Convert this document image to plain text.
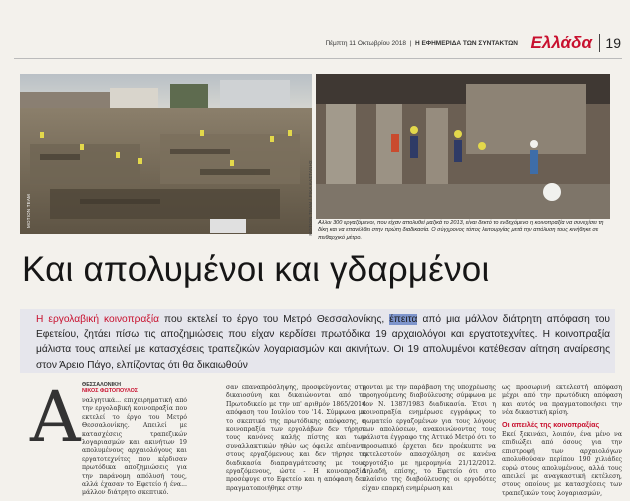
Πέμπτη 11 Οκτωβρίου 2018  |  Η ΕΦΗΜΕΡΙΔΑ ΤΩΝ ΣΥΝΤΑΚΤΩΝ Ελλάδα 19
ΜΟΤΙΟΝ TEAM	ΜΟΤΙΟΝ TEAM / ΡΙΚΑ ΚΑΣΤΑΝΗΣ Αλλοι 300 εργαζόμενοι, που είχαν απολυθεί μαζικά το 2013, είναι δεκτό το ενδεχόμενο η κοινοπραξία να συνεχίσει τη δίκη και να επανέλθει στην πρώτη διαδικασία. Ο σύγχρονος τόπος λειτουργίας μετά την απόλυση τους κινήθηκε σε πειθαρχικό μέτρο.
Και απολυμένοι και γδαρμένοι
Η εργολαβική κοινοπραξία που εκτελεί το έργο του Μετρό Θεσσαλονίκης, έπειτα από μια μάλλον διάτρητη απόφαση του Εφετείου, ζητάει πίσω τις αποζημιώσεις που είχαν κερδίσει πρωτόδικα 19 αρχαιολόγοι και εργατοτεχνίτες. Η κοινοπραξία μάλιστα τους απειλεί με κατασχέσεις τραπεζικών λογαριασμών και ακινήτων. Οι 19 απολυμένοι κατέθεσαν αίτηση αναίρεσης στον Άρειο Πάγο, ελπίζοντας ότι θα δικαιωθούν
Α ΘΕΣΣΑΛΟΝΙΚΗ
ΝΙΚΟΣ ΦΩΤΟΠΟΥΛΟΣ
ναλγητικά... επιχειρηματική από την εργολαβική κοινοπραξία που εκτελεί το έργο του Μετρό Θεσσαλονίκης. Απειλεί με κατασχέσεις τραπεζικών λογαριασμών και ακινήτων 19 απολυμένους αρχαιολόγους και εργατοτεχνίτες που κέρδισαν πρωτόδικα αποζημιώσεις για την παράνομη απόλυσή τους, αλλά έχασαν το Εφετείο ή ένα... μάλλον διάτρητο σκεπτικό.
σαν επαναπρόσληψης, προσφεύγοντας στη δικαιοσύνη και δικαιώνονται από το Πρωτοδικείο με την υπ' αριθμόν 1865/2014 απόφαση του Ιουλίου του '14. Σύμφωνα με το σκεπτικό της πρωτόδικης απόφασης, η κοινοπραξία των εργολάβων δεν τήρησε τους κανόνες καλής πίστης και των συναλλακτικών ηθών ως όφειλε απέναντι στους εργαζόμενους και δεν τήρησε τη διαδικασία διαπραγμάτευσης με τους εργαζόμενους, ώστε - Η κοινοπραξία προσέφυγε στο Εφετείο και η απόφαση δεν πραγματοποιήθηκε στην
γονται με την παράβαση της υποχρέωσης προηγούμενης διαβούλευσης σύμφωνα με τον Ν. 1387/1983 διαδικασία. Έτσι η κοινοπραξία ενημέρωσε εγγράφως το σωματείο εργαζομένων για τους λόγους των απολύσεων, ανακοινώνοντας τους μάλιστα έγγραφο της Αττικό Μετρό ότι το προσωπικό έρχεται δεν προέκυπτε να εκτελεστούν απασχόληση σε κανένα εργοτάξιο με ημερομηνία 21/12/2012. Δηλαδή, επίσης, το Εφετείο ότι στο πλαίσιο της διαβούλευσης οι εργοδότες είχαν επαρκή ενημέρωση και
ως προσωρινή εκτελεστή απόφαση μέχρι από την πρωτόδικη απόφαση και αυτός να πραγματοποιήσει την νέα δικαστική κρίση.
Οι απειλές της κοινοπραξίας
Εκεί ξεκινάει, λοιπόν, ένα μένο να επιδιώξει από όσους για την επιστροφή των αρχαιολόγων απολυθούσαν περίπου 190 χιλιάδες ευρώ στους απολυμένους, αλλά τους απειλεί με αναγκαστική εκτέλεση, στους οποίους με κατασχέσεις των τραπεζικών τους λογαριασμών,
